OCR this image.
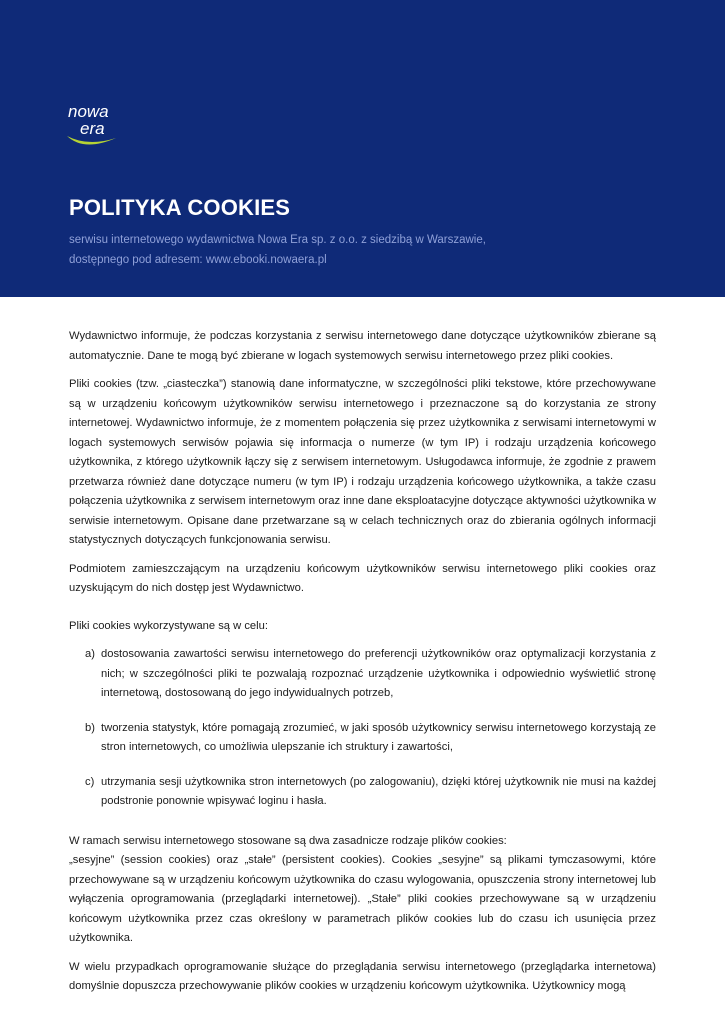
nowa
era
POLITYKA COOKIES
serwisu internetowego wydawnictwa Nowa Era sp. z o.o. z siedzibą w Warszawie,
dostępnego pod adresem: www.ebooki.nowaera.pl

Wydawnictwo informuje, że podczas korzystania z serwisu internetowego dane dotyczące użytkowników zbierane są automatycznie. Dane te mogą być zbierane w logach systemowych serwisu internetowego przez pliki cookies.

Pliki cookies (tzw. „ciasteczka”) stanowią dane informatyczne, w szczególności pliki tekstowe, które przechowywane są w urządzeniu końcowym użytkowników serwisu internetowego i przeznaczone są do korzystania ze strony internetowej. Wydawnictwo informuje, że z momentem połączenia się przez użytkownika z serwisami internetowymi w logach systemowych serwisów pojawia się informacja o numerze (w tym IP) i rodzaju urządzenia końcowego użytkownika, z którego użytkownik łączy się z serwisem internetowym. Usługodawca informuje, że zgodnie z prawem przetwarza również dane dotyczące numeru (w tym IP) i rodzaju urządzenia końcowego użytkownika, a także czasu połączenia użytkownika z serwisem internetowym oraz inne dane eksploatacyjne dotyczące aktywności użytkownika w serwisie internetowym. Opisane dane przetwarzane są w celach technicznych oraz do zbierania ogólnych informacji statystycznych dotyczących funkcjonowania serwisu.

Podmiotem zamieszczającym na urządzeniu końcowym użytkowników serwisu internetowego pliki cookies oraz uzyskującym do nich dostęp jest Wydawnictwo.

Pliki cookies wykorzystywane są w celu:

a) dostosowania zawartości serwisu internetowego do preferencji użytkowników oraz optymalizacji korzystania z nich; w szczególności pliki te pozwalają rozpoznać urządzenie użytkownika i odpowiednio wyświetlić stronę internetową, dostosowaną do jego indywidualnych potrzeb,
b) tworzenia statystyk, które pomagają zrozumieć, w jaki sposób użytkownicy serwisu internetowego korzystają ze stron internetowych, co umożliwia ulepszanie ich struktury i zawartości,
c) utrzymania sesji użytkownika stron internetowych (po zalogowaniu), dzięki której użytkownik nie musi na każdej podstronie ponownie wpisywać loginu i hasła.

W ramach serwisu internetowego stosowane są dwa zasadnicze rodzaje plików cookies:
„sesyjne” (session cookies) oraz „stałe” (persistent cookies). Cookies „sesyjne” są plikami tymczasowymi, które przechowywane są w urządzeniu końcowym użytkownika do czasu wylogowania, opuszczenia strony internetowej lub wyłączenia oprogramowania (przeglądarki internetowej). „Stałe” pliki cookies przechowywane są w urządzeniu końcowym użytkownika przez czas określony w parametrach plików cookies lub do czasu ich usunięcia przez użytkownika.

W wielu przypadkach oprogramowanie służące do przeglądania serwisu internetowego (przeglądarka internetowa) domyślnie dopuszcza przechowywanie plików cookies w urządzeniu końcowym użytkownika. Użytkownicy mogą
